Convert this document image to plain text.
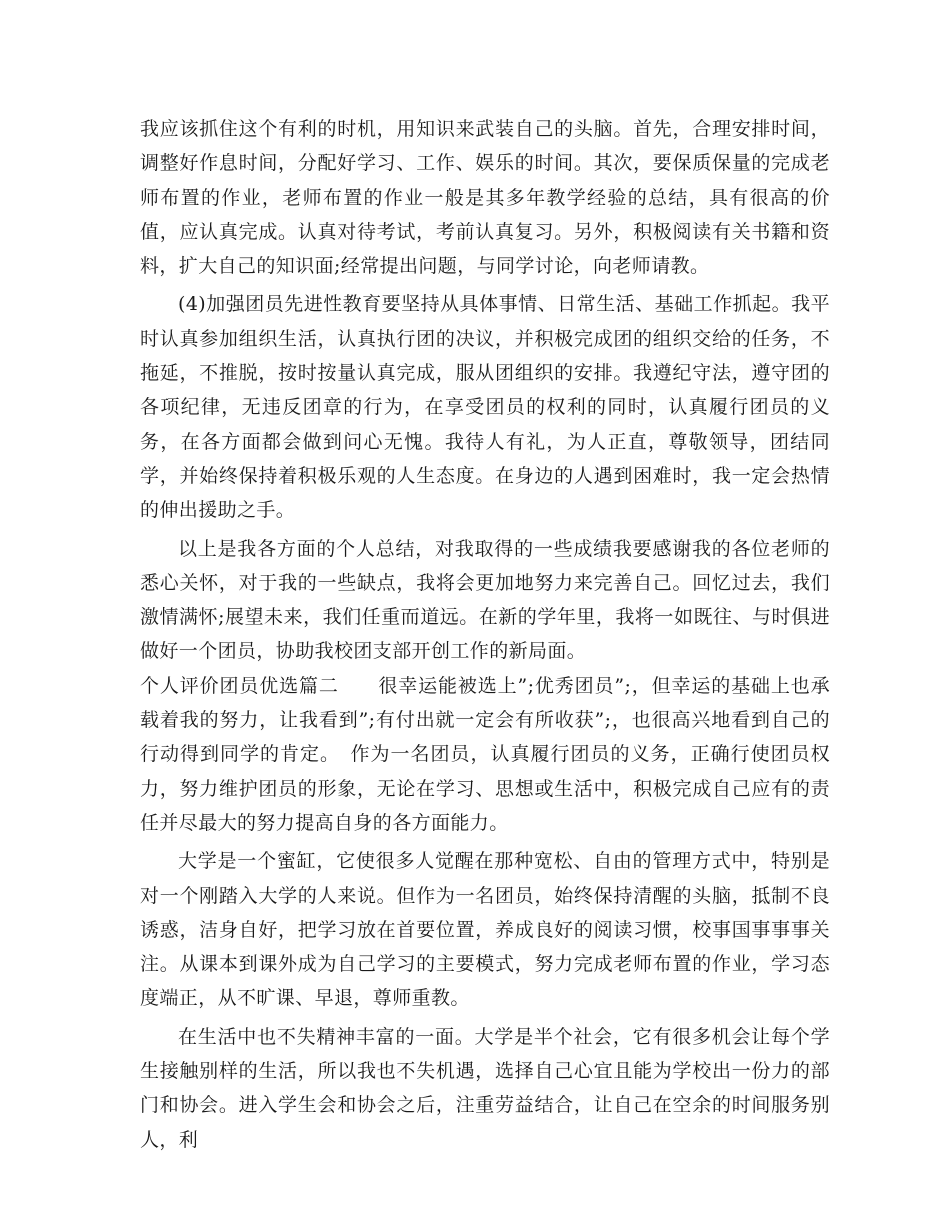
我应该抓住这个有利的时机，用知识来武装自己的头脑。首先，合理安排时间，调整好作息时间，分配好学习、工作、娱乐的时间。其次，要保质保量的完成老师布置的作业，老师布置的作业一般是其多年教学经验的总结，具有很高的价值，应认真完成。认真对待考试，考前认真复习。另外，积极阅读有关书籍和资料，扩大自己的知识面;经常提出问题，与同学讨论，向老师请教。

(4)加强团员先进性教育要坚持从具体事情、日常生活、基础工作抓起。我平时认真参加组织生活，认真执行团的决议，并积极完成团的组织交给的任务，不拖延，不推脱，按时按量认真完成，服从团组织的安排。我遵纪守法，遵守团的各项纪律，无违反团章的行为，在享受团员的权利的同时，认真履行团员的义务，在各方面都会做到问心无愧。我待人有礼，为人正直，尊敬领导，团结同学，并始终保持着积极乐观的人生态度。在身边的人遇到困难时，我一定会热情的伸出援助之手。

以上是我各方面的个人总结，对我取得的一些成绩我要感谢我的各位老师的悉心关怀，对于我的一些缺点，我将会更加地努力来完善自己。回忆过去，我们激情满怀;展望未来，我们任重而道远。在新的学年里，我将一如既往、与时俱进做好一个团员，协助我校团支部开创工作的新局面。

个人评价团员优选篇二　　很幸运能被选上”;优秀团员”;，但幸运的基础上也承载着我的努力，让我看到”;有付出就一定会有所收获”;，也很高兴地看到自己的行动得到同学的肯定。　作为一名团员，认真履行团员的义务，正确行使团员权力，努力维护团员的形象，无论在学习、思想或生活中，积极完成自己应有的责任并尽最大的努力提高自身的各方面能力。

大学是一个蜜缸，它使很多人觉醒在那种宽松、自由的管理方式中，特别是对一个刚踏入大学的人来说。但作为一名团员，始终保持清醒的头脑，抵制不良诱惑，洁身自好，把学习放在首要位置，养成良好的阅读习惯，校事国事事事关注。从课本到课外成为自己学习的主要模式，努力完成老师布置的作业，学习态度端正，从不旷课、早退，尊师重教。

在生活中也不失精神丰富的一面。大学是半个社会，它有很多机会让每个学生接触别样的生活，所以我也不失机遇，选择自己心宜且能为学校出一份力的部门和协会。进入学生会和协会之后，注重劳益结合，让自己在空余的时间服务别人，利
